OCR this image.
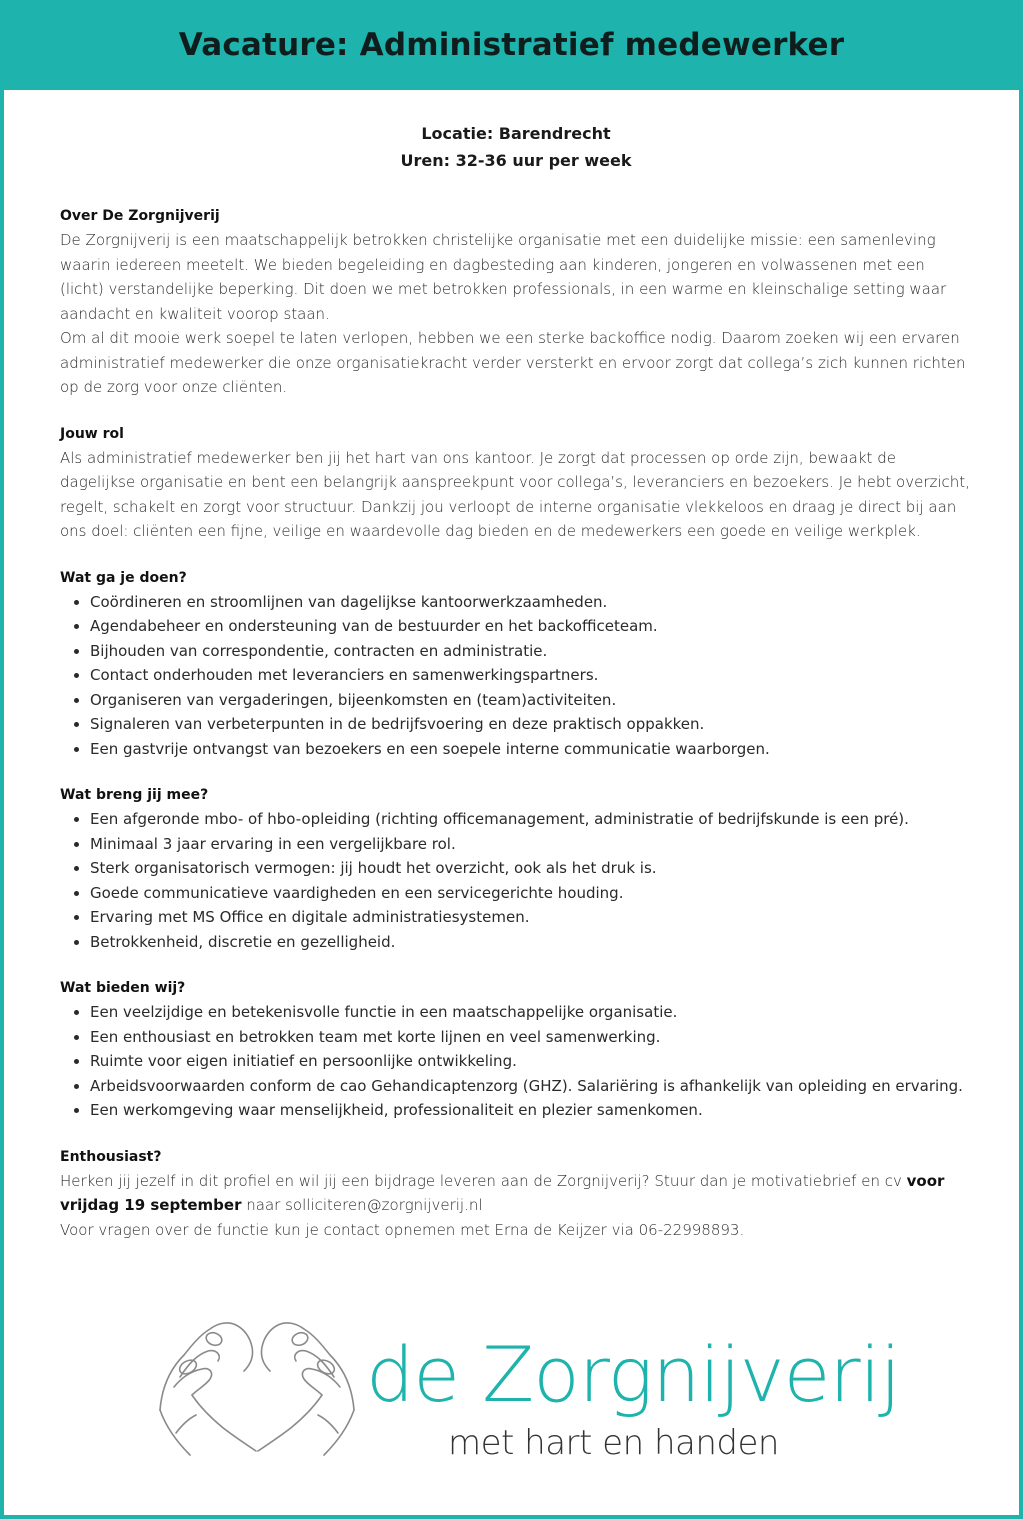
Vacature: Administratief medewerker
Locatie: Barendrecht
Uren: 32-36 uur per week
Over De Zorgnijverij

De Zorgnijverij is een maatschappelijk betrokken christelijke organisatie met een duidelijke missie: een samenleving waarin iedereen meetelt. We bieden begeleiding en dagbesteding aan kinderen, jongeren en volwassenen met een (licht) verstandelijke beperking. Dit doen we met betrokken professionals, in een warme en kleinschalige setting waar aandacht en kwaliteit voorop staan.

Om al dit mooie werk soepel te laten verlopen, hebben we een sterke backoffice nodig. Daarom zoeken wij een ervaren administratief medewerker die onze organisatiekracht verder versterkt en ervoor zorgt dat collega’s zich kunnen richten op de zorg voor onze cliënten.

Jouw rol

Als administratief medewerker ben jij het hart van ons kantoor. Je zorgt dat processen op orde zijn, bewaakt de dagelijkse organisatie en bent een belangrijk aanspreekpunt voor collega’s, leveranciers en bezoekers. Je hebt overzicht, regelt, schakelt en zorgt voor structuur. Dankzij jou verloopt de interne organisatie vlekkeloos en draag je direct bij aan ons doel: cliënten een fijne, veilige en waardevolle dag bieden en de medewerkers een goede en veilige werkplek.

Wat ga je doen?
• Coördineren en stroomlijnen van dagelijkse kantoorwerkzaamheden.
• Agendabeheer en ondersteuning van de bestuurder en het backofficeteam.
• Bijhouden van correspondentie, contracten en administratie.
• Contact onderhouden met leveranciers en samenwerkingspartners.
• Organiseren van vergaderingen, bijeenkomsten en (team)activiteiten.
• Signaleren van verbeterpunten in de bedrijfsvoering en deze praktisch oppakken.
• Een gastvrije ontvangst van bezoekers en een soepele interne communicatie waarborgen.
Wat breng jij mee?
• Een afgeronde mbo- of hbo-opleiding (richting officemanagement, administratie of bedrijfskunde is een pré).
• Minimaal 3 jaar ervaring in een vergelijkbare rol.
• Sterk organisatorisch vermogen: jij houdt het overzicht, ook als het druk is.
• Goede communicatieve vaardigheden en een servicegerichte houding.
• Ervaring met MS Office en digitale administratiesystemen.
• Betrokkenheid, discretie en gezelligheid.
Wat bieden wij?
• Een veelzijdige en betekenisvolle functie in een maatschappelijke organisatie.
• Een enthousiast en betrokken team met korte lijnen en veel samenwerking.
• Ruimte voor eigen initiatief en persoonlijke ontwikkeling.
• Arbeidsvoorwaarden conform de cao Gehandicaptenzorg (GHZ). Salariëring is afhankelijk van opleiding en ervaring.
• Een werkomgeving waar menselijkheid, professionaliteit en plezier samenkomen.
Enthousiast?

Herken jij jezelf in dit profiel en wil jij een bijdrage leveren aan de Zorgnijverij? Stuur dan je motivatiebrief en cv voor vrijdag 19 september naar solliciteren@zorgnijverij.nl

Voor vragen over de functie kun je contact opnemen met Erna de Keijzer via 06-22998893.

de Zorgnijverij
met hart en handen
